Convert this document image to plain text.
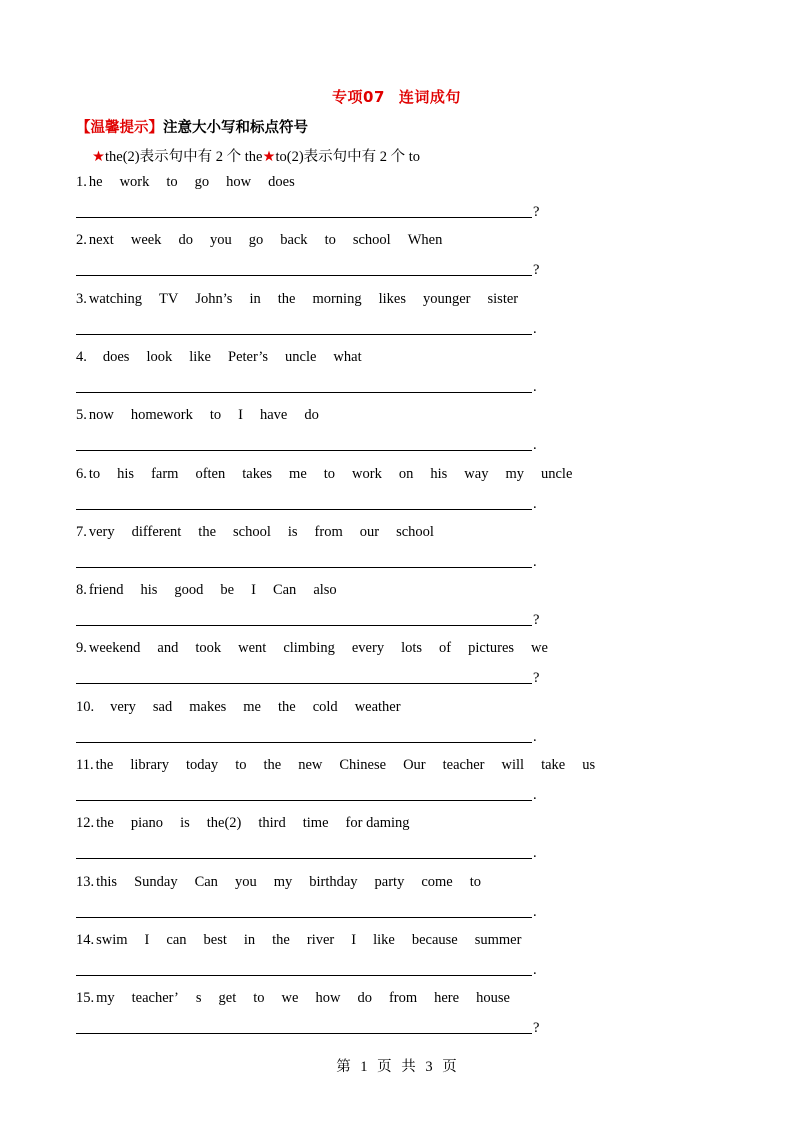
专项07 连词成句
【温馨提示】注意大小写和标点符号
★the(2)表示句中有 2 个 the★to(2)表示句中有 2 个 to
1. he work to go how does
?
2. next week do you go back to school When
?
3. watching TV John’s in the morning likes younger sister
.
4. does look like Peter’s uncle what
.
5. now homework to I have do
.
6. to his farm often takes me to work on his way my uncle
.
7. very different the school is from our school
.
8. friend his good be I Can also
?
9. weekend and took went climbing every lots of pictures we
?
10. very sad makes me the cold weather
.
11. the library today to the new Chinese Our teacher will take us
.
12. the piano is the(2) third time for daming
.
13. this Sunday Can you my birthday party come to
.
14. swim I can best in the river I like because summer
.
15. my teacher’ s get to we how do from here house
?
第 1 页 共 3 页
